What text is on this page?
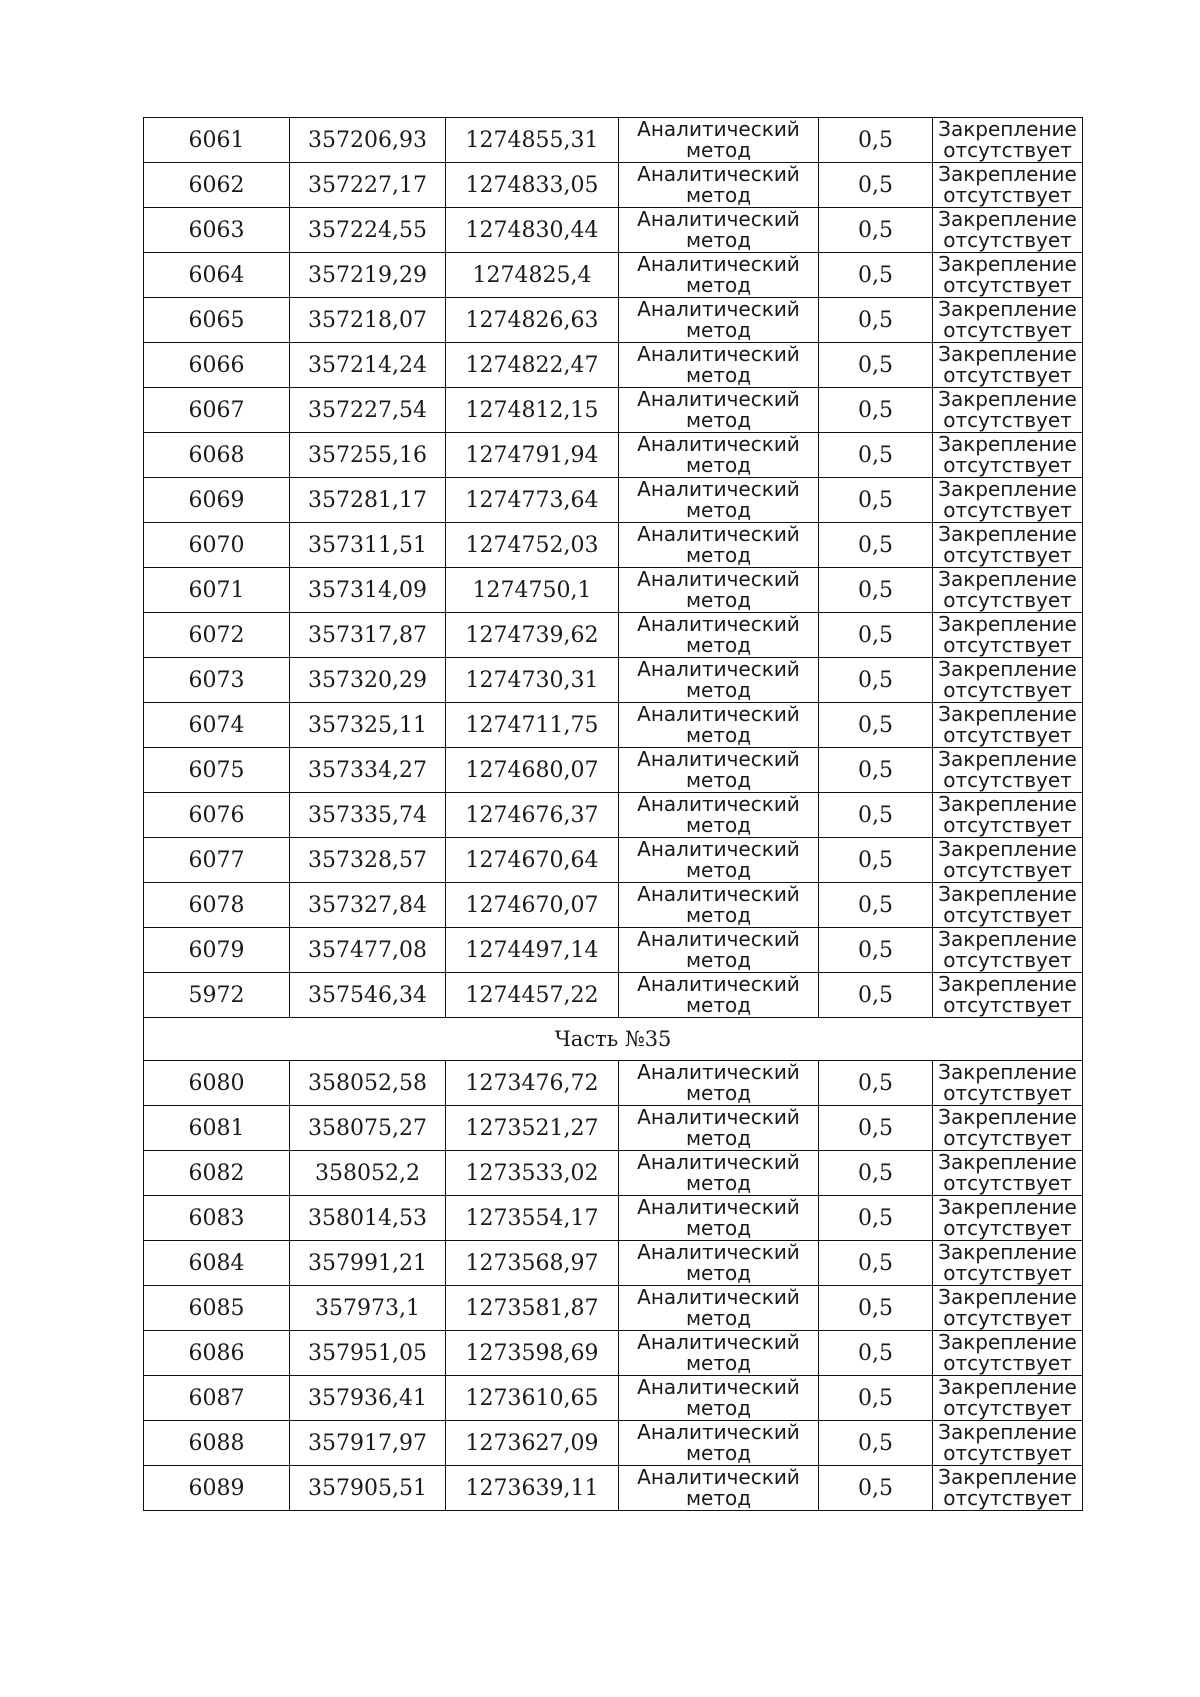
6061	357206,93	1274855,31	Аналитический
метод	0,5	Закрепление
отсутствует

6062	357227,17	1274833,05	Аналитический
метод	0,5	Закрепление
отсутствует

6063	357224,55	1274830,44	Аналитический
метод	0,5	Закрепление
отсутствует

6064	357219,29	1274825,4	Аналитический
метод	0,5	Закрепление
отсутствует

6065	357218,07	1274826,63	Аналитический
метод	0,5	Закрепление
отсутствует

6066	357214,24	1274822,47	Аналитический
метод	0,5	Закрепление
отсутствует

6067	357227,54	1274812,15	Аналитический
метод	0,5	Закрепление
отсутствует

6068	357255,16	1274791,94	Аналитический
метод	0,5	Закрепление
отсутствует

6069	357281,17	1274773,64	Аналитический
метод	0,5	Закрепление
отсутствует

6070	357311,51	1274752,03	Аналитический
метод	0,5	Закрепление
отсутствует

6071	357314,09	1274750,1	Аналитический
метод	0,5	Закрепление
отсутствует

6072	357317,87	1274739,62	Аналитический
метод	0,5	Закрепление
отсутствует

6073	357320,29	1274730,31	Аналитический
метод	0,5	Закрепление
отсутствует

6074	357325,11	1274711,75	Аналитический
метод	0,5	Закрепление
отсутствует

6075	357334,27	1274680,07	Аналитический
метод	0,5	Закрепление
отсутствует

6076	357335,74	1274676,37	Аналитический
метод	0,5	Закрепление
отсутствует

6077	357328,57	1274670,64	Аналитический
метод	0,5	Закрепление
отсутствует

6078	357327,84	1274670,07	Аналитический
метод	0,5	Закрепление
отсутствует

6079	357477,08	1274497,14	Аналитический
метод	0,5	Закрепление
отсутствует

5972	357546,34	1274457,22	Аналитический
метод	0,5	Закрепление
отсутствует

Часть №35					
6080	358052,58	1273476,72	Аналитический
метод	0,5	Закрепление
отсутствует

6081	358075,27	1273521,27	Аналитический
метод	0,5	Закрепление
отсутствует

6082	358052,2	1273533,02	Аналитический
метод	0,5	Закрепление
отсутствует

6083	358014,53	1273554,17	Аналитический
метод	0,5	Закрепление
отсутствует

6084	357991,21	1273568,97	Аналитический
метод	0,5	Закрепление
отсутствует

6085	357973,1	1273581,87	Аналитический
метод	0,5	Закрепление
отсутствует

6086	357951,05	1273598,69	Аналитический
метод	0,5	Закрепление
отсутствует

6087	357936,41	1273610,65	Аналитический
метод	0,5	Закрепление
отсутствует

6088	357917,97	1273627,09	Аналитический
метод	0,5	Закрепление
отсутствует

6089	357905,51	1273639,11	Аналитический
метод	0,5	Закрепление
отсутствует
